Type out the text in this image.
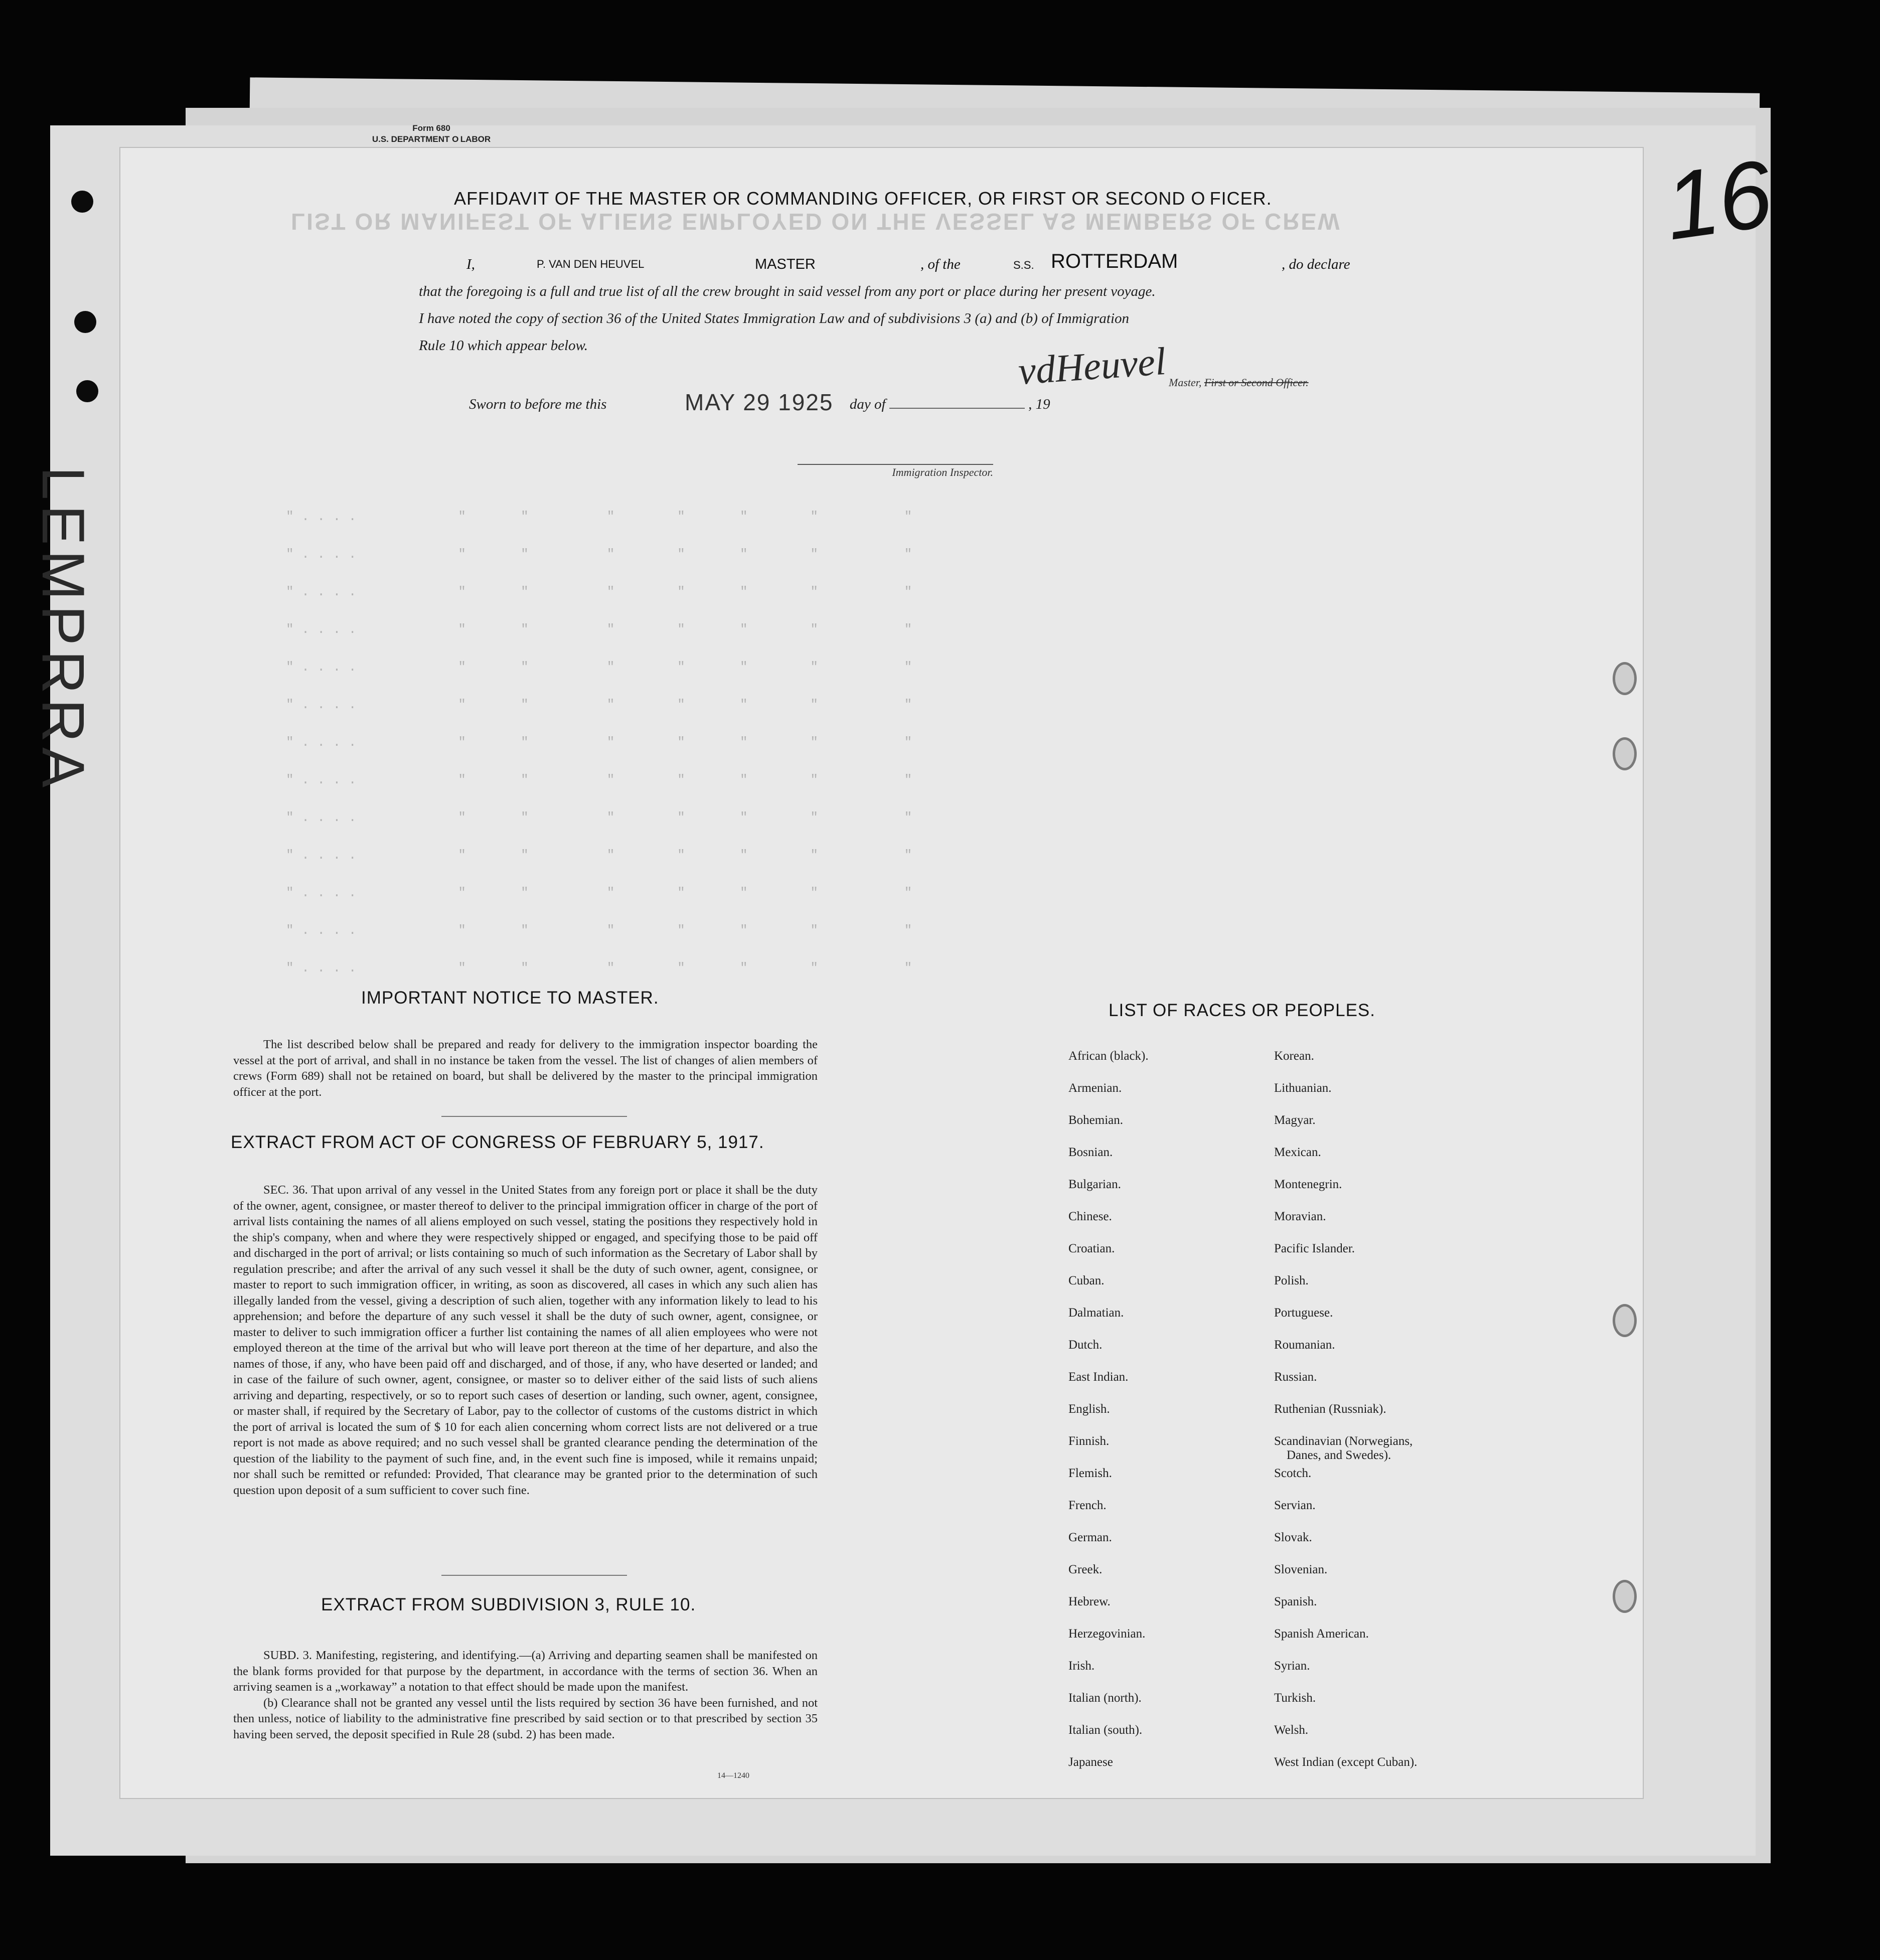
LEMPRRA
Form 680
U.S. DEPARTMENT O LABOR
16
LIST OR MANIFEST OF ALIENS EMPLOYED ON THE VESSEL AS MEMBERS OF CREW
" . . . .             "       "          "        "       "        "           "
" . . . .             "       "          "        "       "        "           "
" . . . .             "       "          "        "       "        "           "
" . . . .             "       "          "        "       "        "           "
" . . . .             "       "          "        "       "        "           "
" . . . .             "       "          "        "       "        "           "
" . . . .             "       "          "        "       "        "           "
" . . . .             "       "          "        "       "        "           "
" . . . .             "       "          "        "       "        "           "
" . . . .             "       "          "        "       "        "           "
" . . . .             "       "          "        "       "        "           "
" . . . .             "       "          "        "       "        "           "
" . . . .             "       "          "        "       "        "           "
AFFIDAVIT OF THE MASTER OR COMMANDING OFFICER, OR FIRST OR SECOND O FICER.
I,	P. VAN DEN HEUVEL	MASTER	, of the	S.S. ROTTERDAM	, do declare
that the foregoing is a full and true list of all the crew brought in said vessel from any port or place during her present voyage.
I have noted the copy of section 36 of the United States Immigration Law and of subdivisions 3 (a) and (b) of Immigration
Rule 10 which appear below.	vdHeuvel Master, First or Second Officer.
Sworn to before me this	day of	, 19
MAY 29 1925
Immigration Inspector.
IMPORTANT NOTICE TO MASTER.

The list described below shall be prepared and ready for delivery to the immigration inspector boarding the vessel at the port of arrival, and shall in no instance be taken from the vessel. The list of changes of alien members of crews (Form 689) shall not be retained on board, but shall be delivered by the master to the principal immigration officer at the port.

EXTRACT FROM ACT OF CONGRESS OF FEBRUARY 5, 1917.

SEC. 36. That upon arrival of any vessel in the United States from any foreign port or place it shall be the duty of the owner, agent, consignee, or master thereof to deliver to the principal immigration officer in charge of the port of arrival lists containing the names of all aliens employed on such vessel, stating the positions they respectively hold in the ship's company, when and where they were respectively shipped or engaged, and specifying those to be paid off and discharged in the port of arrival; or lists containing so much of such information as the Secretary of Labor shall by regulation prescribe; and after the arrival of any such vessel it shall be the duty of such owner, agent, consignee, or master to report to such immigration officer, in writing, as soon as discovered, all cases in which any such alien has illegally landed from the vessel, giving a description of such alien, together with any information likely to lead to his apprehension; and before the departure of any such vessel it shall be the duty of such owner, agent, consignee, or master to deliver to such immigration officer a further list containing the names of all alien employees who were not employed thereon at the time of the arrival but who will leave port thereon at the time of her departure, and also the names of those, if any, who have been paid off and discharged, and of those, if any, who have deserted or landed; and in case of the failure of such owner, agent, consignee, or master so to deliver either of the said lists of such aliens arriving and departing, respectively, or so to report such cases of desertion or landing, such owner, agent, consignee, or master shall, if required by the Secretary of Labor, pay to the collector of customs of the customs district in which the port of arrival is located the sum of $ 10 for each alien concerning whom correct lists are not delivered or a true report is not made as above required; and no such vessel shall be granted clearance pending the determination of the question of the liability to the payment of such fine, and, in the event such fine is imposed, while it remains unpaid; nor shall such be remitted or refunded: Provided, That clearance may be granted prior to the determination of such question upon deposit of a sum sufficient to cover such fine.

EXTRACT FROM SUBDIVISION 3, RULE 10.

SUBD. 3. Manifesting, registering, and identifying.—(a) Arriving and departing seamen shall be manifested on the blank forms provided for that purpose by the department, in accordance with the terms of section 36. When an arriving seamen is a „workaway” a notation to that effect should be made upon the manifest.

(b) Clearance shall not be granted any vessel until the lists required by section 36 have been furnished, and not then unless, notice of liability to the administrative fine prescribed by said section or to that prescribed by section 35 having been served, the deposit specified in Rule 28 (subd. 2) has been made.

14—1240
LIST OF RACES OR PEOPLES.
African (black).
Armenian.
Bohemian.
Bosnian.
Bulgarian.
Chinese.
Croatian.
Cuban.
Dalmatian.
Dutch.
East Indian.
English.
Finnish.
Flemish.
French.
German.
Greek.
Hebrew.
Herzegovinian.
Irish.
Italian (north).
Italian (south).
Japanese
Korean.
Lithuanian.
Magyar.
Mexican.
Montenegrin.
Moravian.
Pacific Islander.
Polish.
Portuguese.
Roumanian.
Russian.
Ruthenian (Russniak).
Scandinavian (Norwegians,
Danes, and Swedes).
Scotch.
Servian.
Slovak.
Slovenian.
Spanish.
Spanish American.
Syrian.
Turkish.
Welsh.
West Indian (except Cuban).
